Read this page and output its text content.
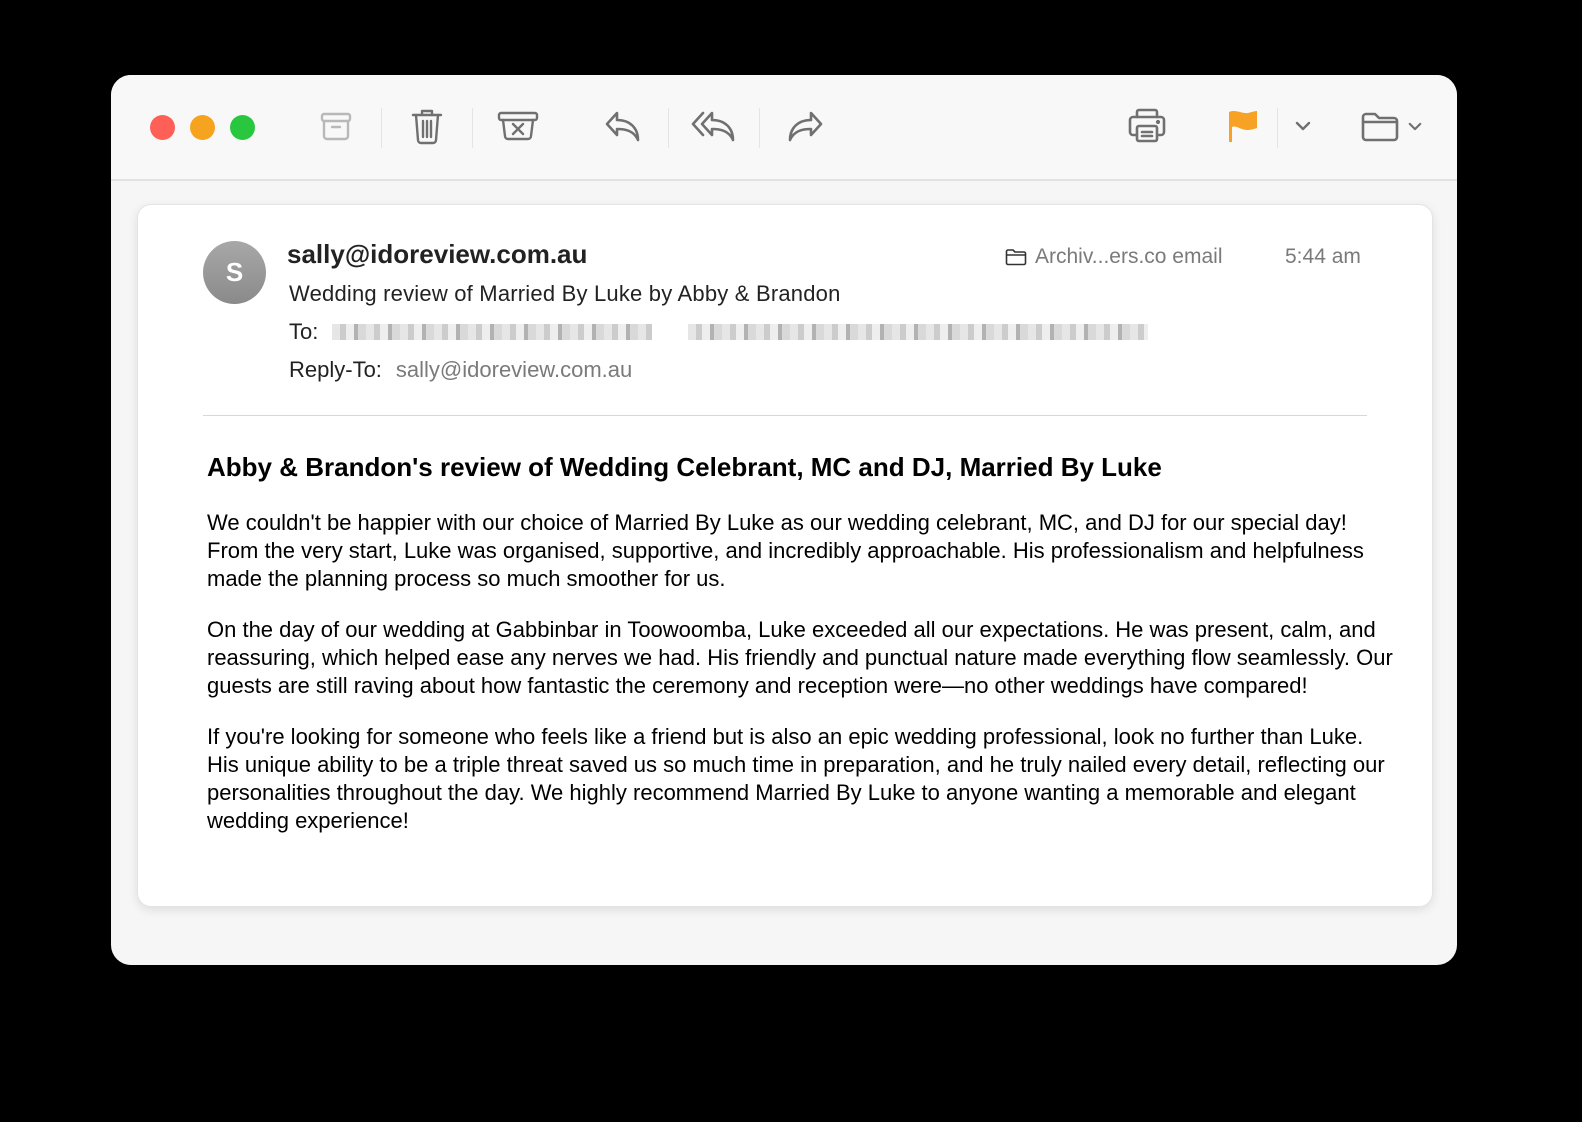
S
sally@idoreview.com.au
Wedding review of Married By Luke by Abby & Brandon
To:
Reply-To: sally@idoreview.com.au
Archiv...ers.co email	5:44 am
Abby & Brandon's review of Wedding Celebrant, MC and DJ, Married By Luke

We couldn't be happier with our choice of Married By Luke as our wedding celebrant, MC, and DJ for our special day! From the very start, Luke was organised, supportive, and incredibly approachable. His professionalism and helpfulness made the planning process so much smoother for us.

On the day of our wedding at Gabbinbar in Toowoomba, Luke exceeded all our expectations. He was present, calm, and reassuring, which helped ease any nerves we had. His friendly and punctual nature made everything flow seamlessly. Our guests are still raving about how fantastic the ceremony and reception were—no other weddings have compared!

If you're looking for someone who feels like a friend but is also an epic wedding professional, look no further than Luke. His unique ability to be a triple threat saved us so much time in preparation, and he truly nailed every detail, reflecting our personalities throughout the day. We highly recommend Married By Luke to anyone wanting a memorable and elegant wedding experience!
